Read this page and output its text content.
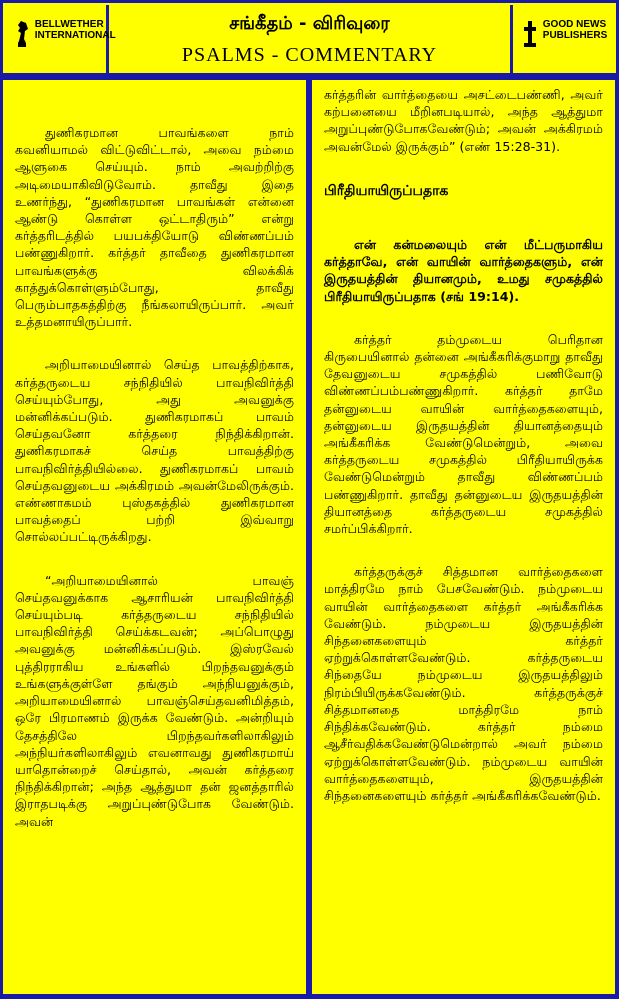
BELLWETHER INTERNATIONAL
சங்கீதம் - விரிவுரை
PSALMS - COMMENTARY
GOOD NEWS PUBLISHERS

துணிகரமான பாவங்களை நாம் கவனியாமல் விட்டுவிட்டால், அவை நம்மை ஆளுகை செய்யும். நாம் அவற்றிற்கு அடிமையாகிவிடுவோம். தாவீது இதை உணர்ந்து, “துணிகரமான பாவங்கள் என்னை ஆண்டு கொள்ள ஒட்டாதிரும்” என்று கர்த்தரிடத்தில் பயபக்தியோடு விண்ணப்பம் பண்ணுகிறார். கர்த்தர் தாவீதை துணிகரமான பாவங்களுக்கு விலக்கிக் காத்துக்கொள்ளும்போது, தாவீது பெரும்பாதகத்திற்கு நீங்கலாயிருப்பார். அவர் உத்தமனாயிருப்பார்.

அறியாமையினால் செய்த பாவத்திற்காக, கர்த்தருடைய சந்நிதியில் பாவநிவிர்த்தி செய்யும்போது, அது அவனுக்கு மன்னிக்கப்படும். துணிகரமாகப் பாவம் செய்தவனோ கர்த்தரை நிந்திக்கிறான். துணிகரமாகச் செய்த பாவத்திற்கு பாவநிவிர்த்தியில்லை. துணிகரமாகப் பாவம் செய்தவனுடைய அக்கிரமம் அவன்மேலிருக்கும். எண்ணாகமம் புஸ்தகத்தில் துணிகரமான பாவத்தைப் பற்றி இவ்வாறு சொல்லப்பட்டிருக்கிறது.

“அறியாமையினால் பாவஞ் செய்தவனுக்காக ஆசாரியன் பாவநிவிர்த்தி செய்யும்படி கர்த்தருடைய சந்நிதியில் பாவநிவிர்த்தி செய்க்கடவன்; அப்பொழுது அவனுக்கு மன்னிக்கப்படும். இஸ்ரவேல் புத்திரராகிய உங்களில் பிறந்தவனுக்கும் உங்களுக்குள்ளே தங்கும் அந்நியனுக்கும், அறியாமையினால் பாவஞ்செய்தவனிமித்தம், ஒரே பிரமாணம் இருக்க வேண்டும். அன்றியும் தேசத்திலே பிறந்தவர்களிலாகிலும் அந்நியர்களிலாகிலும் எவனாவது துணிகரமாய் யாதொன்றைச் செய்தால், அவன் கர்த்தரை நிந்திக்கிறான்; அந்த ஆத்துமா தன் ஜனத்தாரில் இராதபடிக்கு அறுப்புண்டுபோக வேண்டும். அவன்

கர்த்தரின் வார்த்தையை அசட்டைபண்ணி, அவர் கற்பனையை மீறினபடியால், அந்த ஆத்துமா அறுப்புண்டுபோகவேண்டும்; அவன் அக்கிரமம் அவன்மேல் இருக்கும்” (எண் 15:28-31).

பிரீதியாயிருப்பதாக
என் கன்மலையும் என் மீட்பருமாகிய கர்த்தாவே, என் வாயின் வார்த்தைகளும், என் இருதயத்தின் தியானமும், உமது சமுகத்தில் பிரீதியாயிருப்பதாக (சங் 19:14).

கர்த்தர் தம்முடைய பெரிதான கிருபையினால் தன்னை அங்கீகரிக்குமாறு தாவீது தேவனுடைய சமுகத்தில் பணிவோடு விண்ணப்பம்பண்ணுகிறார். கர்த்தர் தாமே தன்னுடைய வாயின் வார்த்தைகளையும், தன்னுடைய இருதயத்தின் தியானத்தையும் அங்கீகரிக்க வேண்டுமென்றும், அவை கர்த்தருடைய சமுகத்தில் பிரீதியாயிருக்க வேண்டுமென்றும் தாவீது விண்ணப்பம் பண்ணுகிறார். தாவீது தன்னுடைய இருதயத்தின் தியானத்தை கர்த்தருடைய சமுகத்தில் சமர்ப்பிக்கிறார்.

கர்த்தருக்குச் சித்தமான வார்த்தைகளை மாத்திரமே நாம் பேசவேண்டும். நம்முடைய வாயின் வார்த்தைகளை கர்த்தர் அங்கீகரிக்க வேண்டும். நம்முடைய இருதயத்தின் சிந்தனைகளையும் கர்த்தர் ஏற்றுக்கொள்ளவேண்டும். கர்த்தருடைய சிந்தையே நம்முடைய இருதயத்திலும் நிரம்பியிருக்கவேண்டும். கர்த்தருக்குச் சித்தமானதை மாத்திரமே நாம் சிந்திக்கவேண்டும். கர்த்தர் நம்மை ஆசீர்வதிக்கவேண்டுமென்றால் அவர் நம்மை ஏற்றுக்கொள்ளவேண்டும். நம்முடைய வாயின் வார்த்தைகளையும், இருதயத்தின் சிந்தனைகளையும் கர்த்தர் அங்கீகரிக்கவேண்டும்.
